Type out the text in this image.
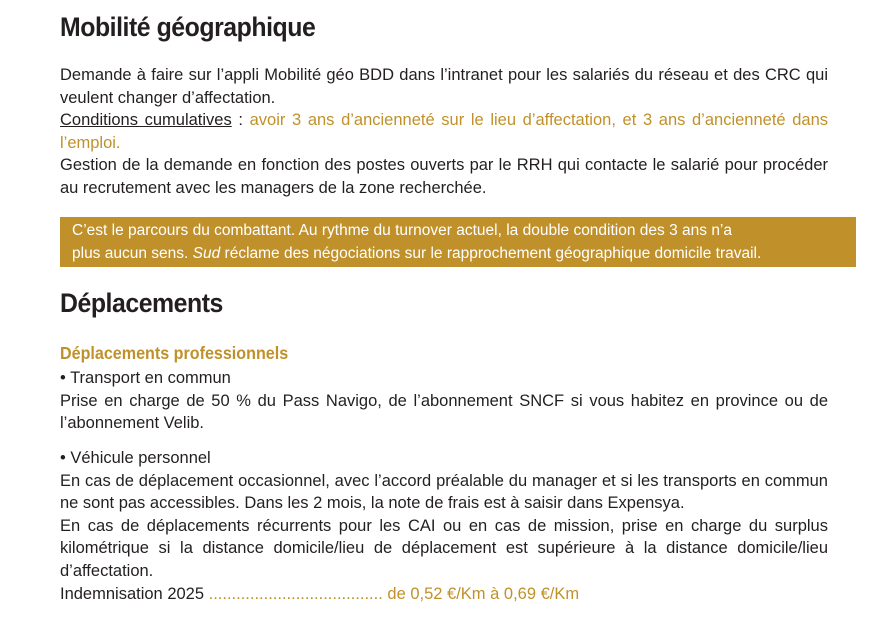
Mobilité géographique
Demande à faire sur l’appli Mobilité géo BDD dans l’intranet pour les salariés du réseau et des CRC qui veulent changer d’affectation.
Conditions cumulatives : avoir 3 ans d’ancienneté sur le lieu d’affectation, et 3 ans d’ancienneté dans l’emploi.
Gestion de la demande en fonction des postes ouverts par le RRH qui contacte le salarié pour procéder au recrutement avec les managers de la zone recherchée.
C’est le parcours du combattant. Au rythme du turnover actuel, la double condition des 3 ans n’a
plus aucun sens. Sud réclame des négociations sur le rapprochement géographique domicile travail.
Déplacements
Déplacements professionnels
• Transport en commun
Prise en charge de 50 % du Pass Navigo, de l’abonnement SNCF si vous habitez en province ou de l’abonnement Velib.
• Véhicule personnel
En cas de déplacement occasionnel, avec l’accord préalable du manager et si les transports en commun ne sont pas accessibles. Dans les 2 mois, la note de frais est à saisir dans Expensya.
En cas de déplacements récurrents pour les CAI ou en cas de mission, prise en charge du surplus kilométrique si la distance domicile/lieu de déplacement est supérieure à la distance domicile/lieu d’affectation.
Indemnisation 2025 ...................................... de 0,52 €/Km à 0,69 €/Km
